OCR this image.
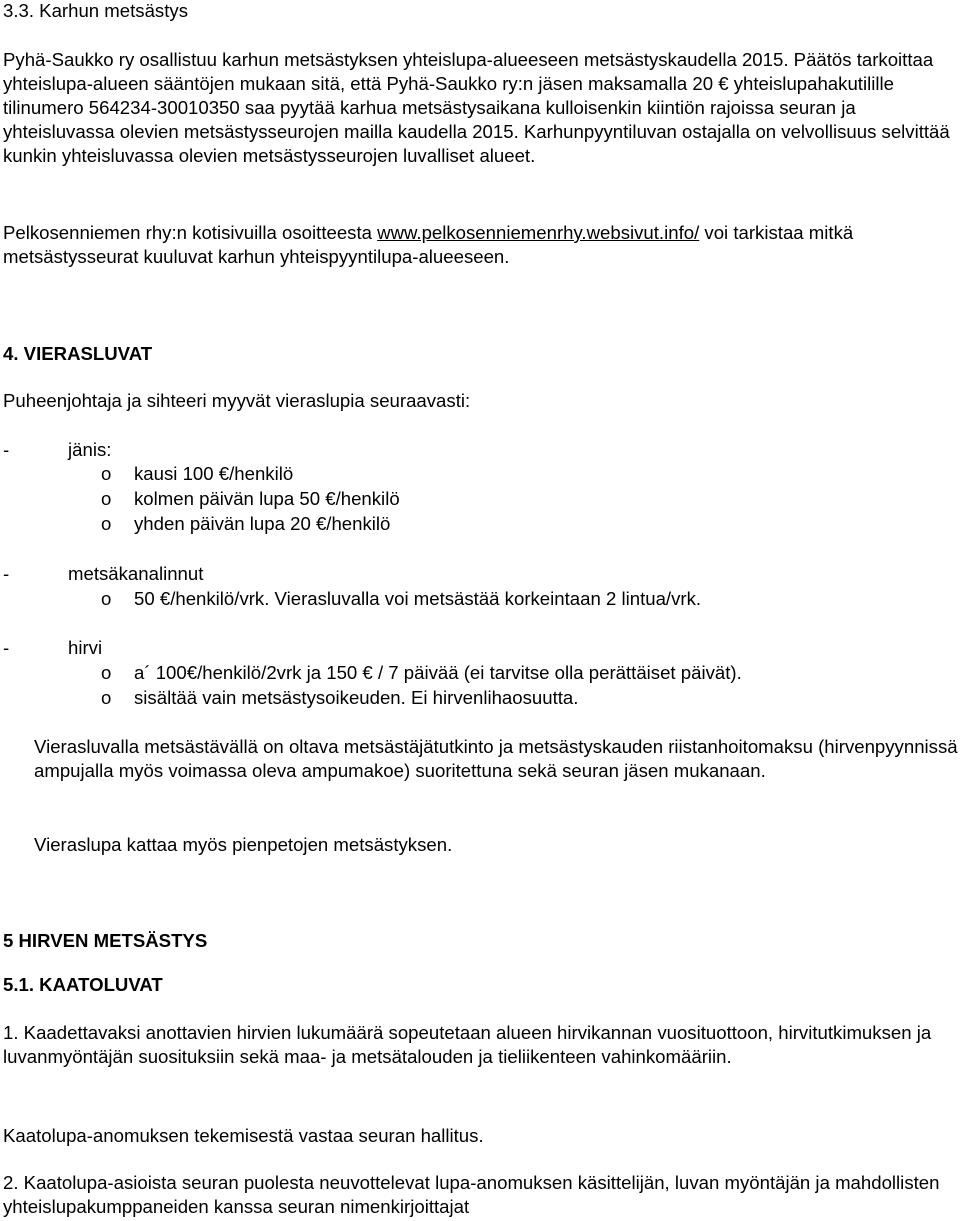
3.3. Karhun metsästys

Pyhä-Saukko ry osallistuu karhun metsästyksen yhteislupa-alueeseen metsästyskaudella 2015. Päätös tarkoittaa yhteislupa-alueen sääntöjen mukaan sitä, että Pyhä-Saukko ry:n jäsen maksamalla 20 € yhteislupahakutilille tilinumero 564234-30010350 saa pyytää karhua metsästysaikana kulloisenkin kiintiön rajoissa seuran ja yhteisluvassa olevien metsästysseurojen mailla kaudella 2015. Karhunpyyntiluvan ostajalla on velvollisuus selvittää kunkin yhteisluvassa olevien metsästysseurojen luvalliset alueet.

Pelkosenniemen rhy:n kotisivuilla osoitteesta www.pelkosenniemenrhy.websivut.info/ voi tarkistaa mitkä metsästysseurat kuuluvat karhun yhteispyyntilupa-alueeseen.

4. VIERASLUVAT

Puheenjohtaja ja sihteeri myyvät vieraslupia seuraavasti:

-	jänis:
o kausi 100 €/henkilö
o kolmen päivän lupa 50 €/henkilö
o yhden päivän lupa 20 €/henkilö
-	metsäkanalinnut
o 50 €/henkilö/vrk. Vierasluvalla voi metsästää korkeintaan 2 lintua/vrk.
-	hirvi
o a´ 100€/henkilö/2vrk ja 150 € / 7 päivää (ei tarvitse olla perättäiset päivät).
o sisältää vain metsästysoikeuden. Ei hirvenlihaosuutta.

Vierasluvalla metsästävällä on oltava metsästäjätutkinto ja metsästyskauden riistanhoitomaksu (hirvenpyynnissä ampujalla myös voimassa oleva ampumakoe) suoritettuna sekä seuran jäsen mukanaan.

Vieraslupa kattaa myös pienpetojen metsästyksen.

5 HIRVEN METSÄSTYS

5.1. KAATOLUVAT

1. Kaadettavaksi anottavien hirvien lukumäärä sopeutetaan alueen hirvikannan vuosituottoon, hirvitutkimuksen ja luvanmyöntäjän suosituksiin sekä maa- ja metsätalouden ja tieliikenteen vahinkomääriin.

Kaatolupa-anomuksen tekemisestä vastaa seuran hallitus.

2. Kaatolupa-asioista seuran puolesta neuvottelevat lupa-anomuksen käsittelijän, luvan myöntäjän ja mahdollisten yhteislupakumppaneiden kanssa seuran nimenkirjoittajat
